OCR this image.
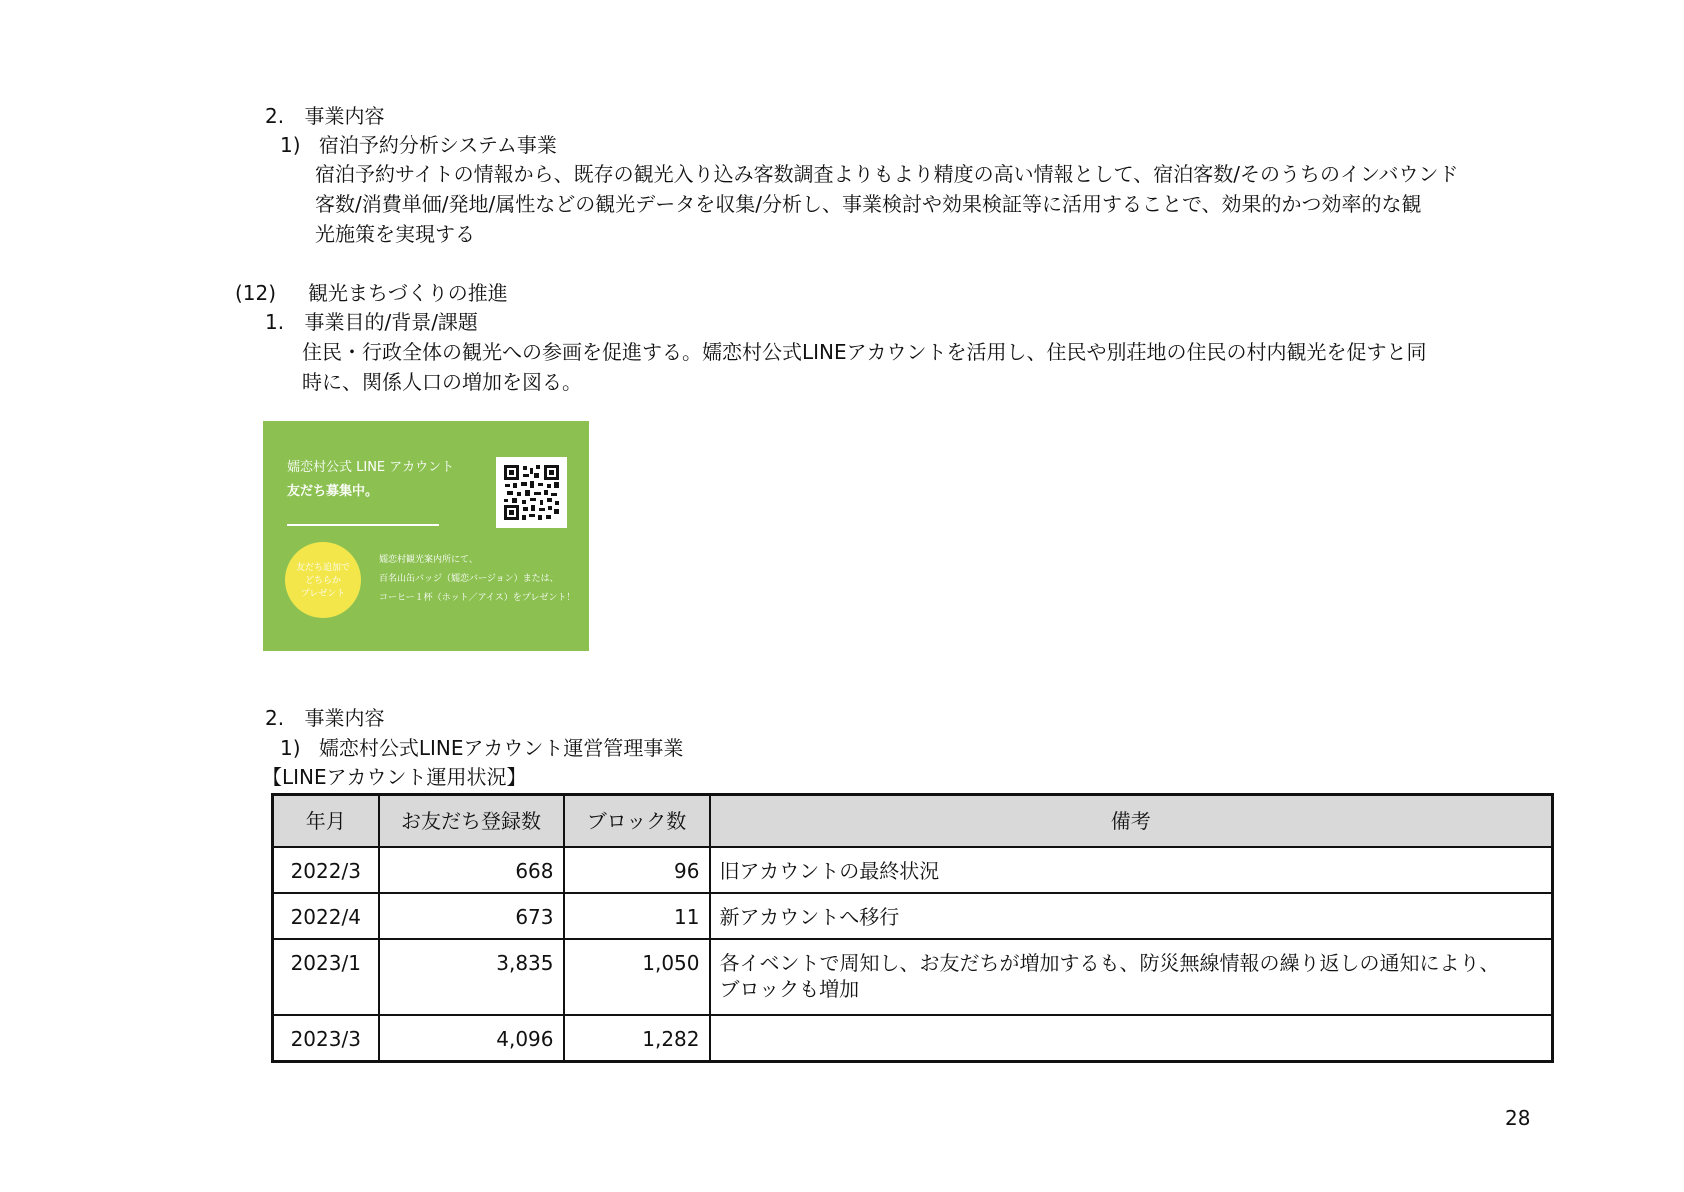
2. 事業内容
1) 宿泊予約分析システム事業
宿泊予約サイトの情報から、既存の観光入り込み客数調査よりもより精度の高い情報として、宿泊客数/そのうちのインバウンド
客数/消費単価/発地/属性などの観光データを収集/分析し、事業検討や効果検証等に活用することで、効果的かつ効率的な観
光施策を実現する
(12) 観光まちづくりの推進
1. 事業目的/背景/課題
住民・行政全体の観光への参画を促進する。嬬恋村公式LINEアカウントを活用し、住民や別荘地の住民の村内観光を促すと同
時に、関係人口の増加を図る。
嬬恋村公式 LINE アカウント
友だち募集中。
友だち追加で
どちらか
プレゼント
嬬恋村観光案内所にて、
百名山缶バッジ（嬬恋バージョン）または、
コーヒー１杯（ホット／アイス）をプレゼント！
2. 事業内容
1) 嬬恋村公式LINEアカウント運営管理事業
【LINEアカウント運用状況】
年月	お友だち登録数	ブロック数	備考
2022/3	668	96	旧アカウントの最終状況

2022/4	673	11	新アカウントへ移行

2023/1	3,835	1,050	各イベントで周知し、お友だちが増加するも、防災無線情報の繰り返しの通知により、
ブロックも増加

2023/3	4,096	1,282	
28
